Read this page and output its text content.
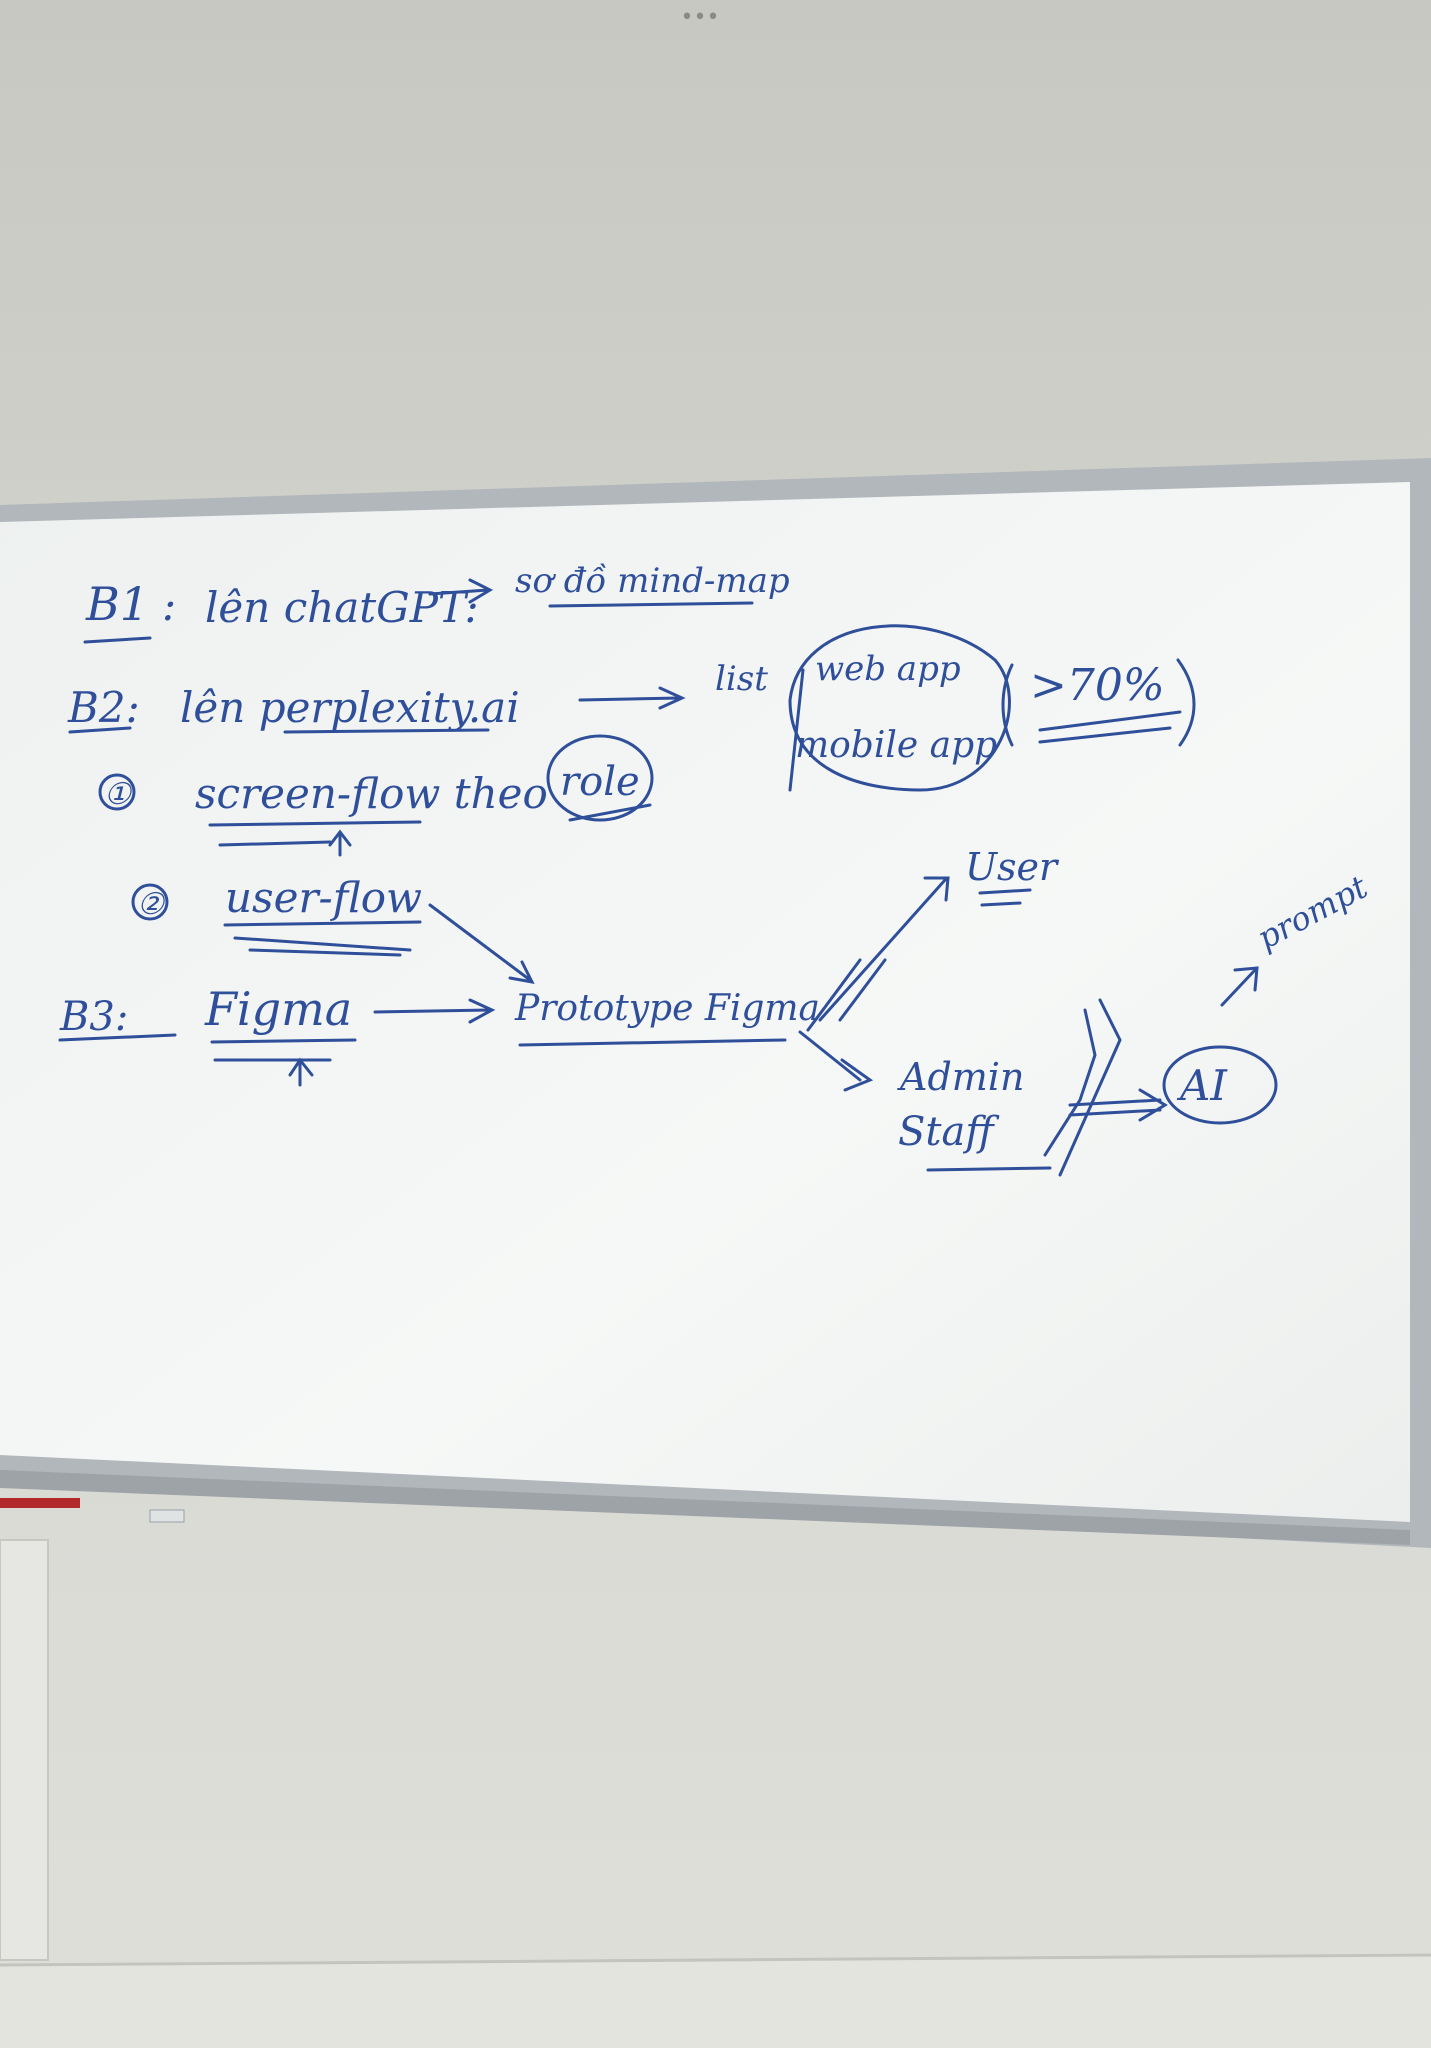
B1 : lên chatGPT:
sơ đồ mind-map
B2: lên perplexity.ai
list web app
mobile app
>70%
① screen-flow theo role
② user-flow
B3: Figma	Prototype Figma
User
Admin
Staff
AI
prompt
•••
